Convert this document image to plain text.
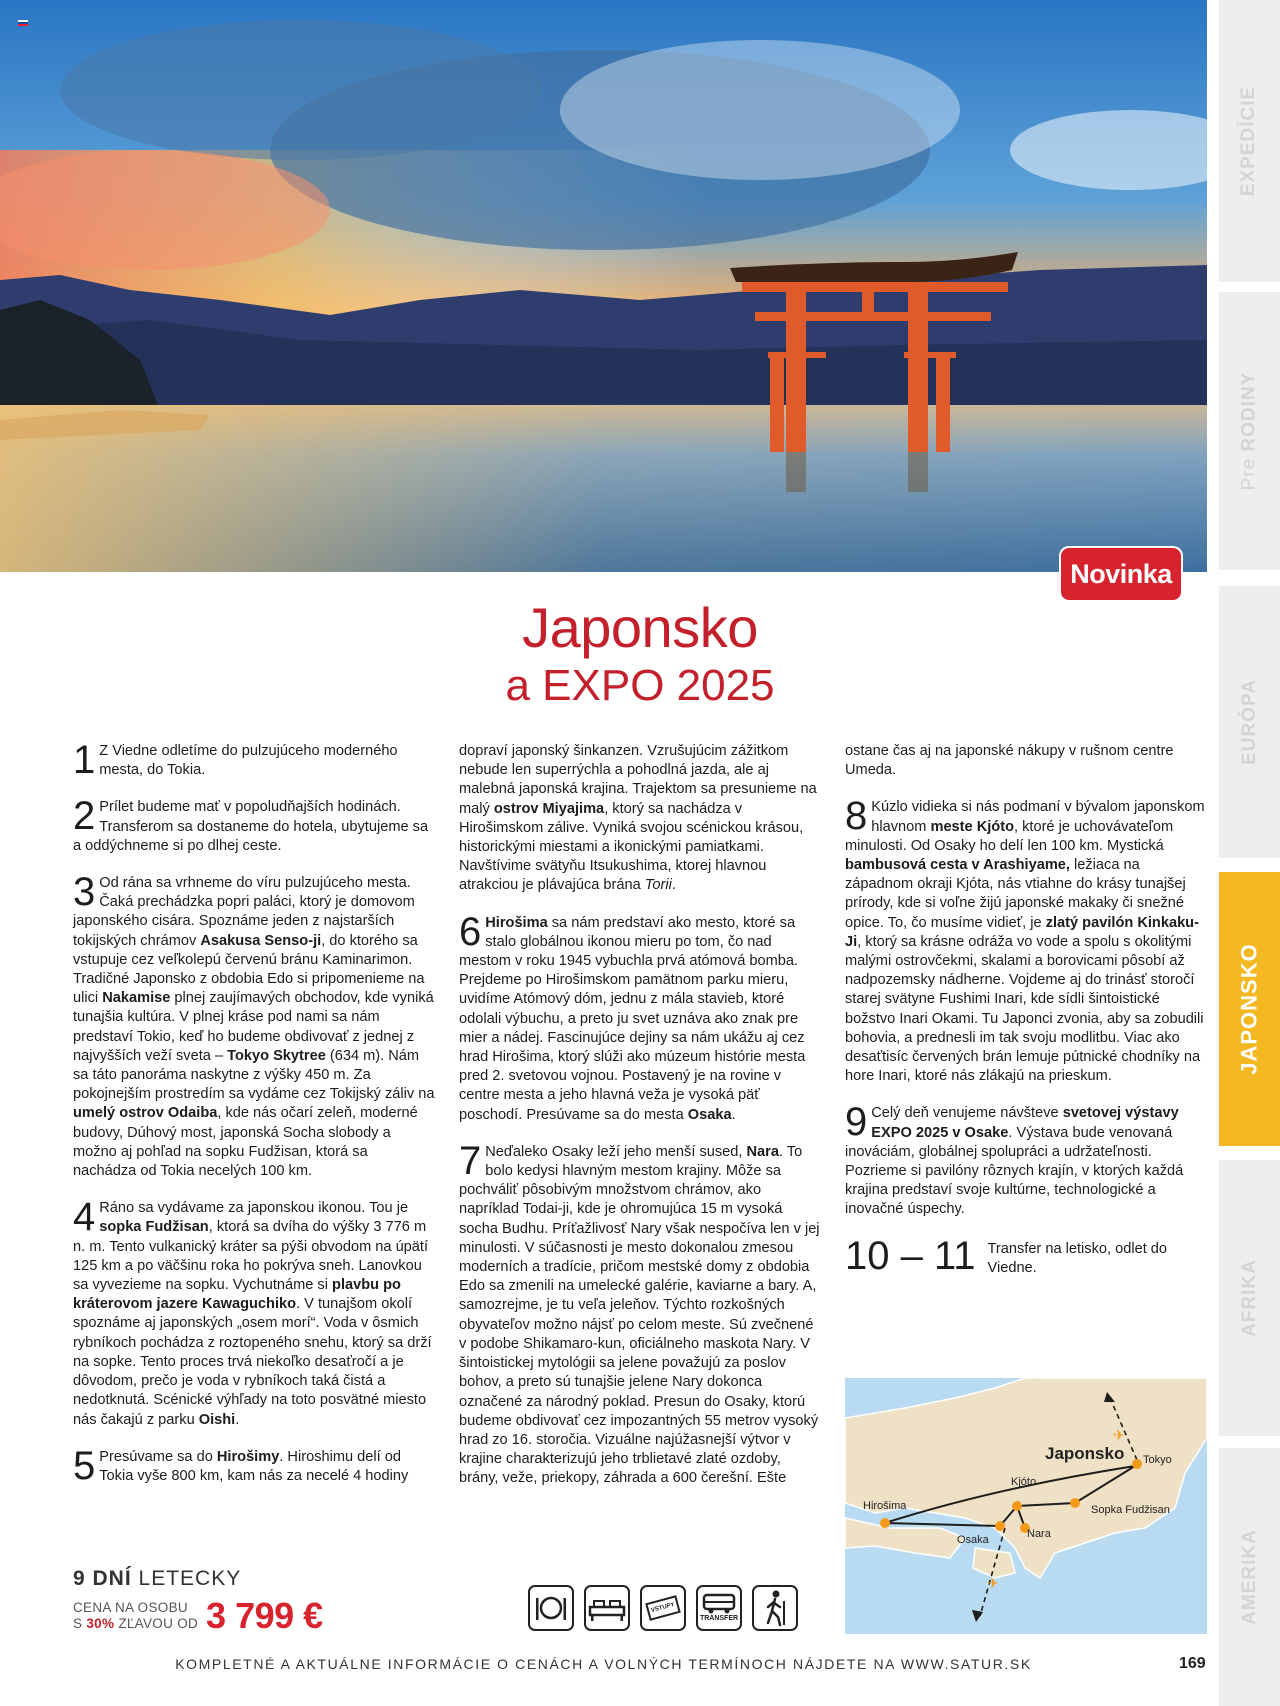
Novinka
EXPEDÍCIE
Pre RODINY
EURÓPA
JAPONSKO
AFRIKA
AMERIKA
Japonsko
a EXPO 2025
1 Z Viedne odletíme do pulzujúceho moderného mesta, do Tokia.
2 Prílet budeme mať v popoludňajších hodinách. Transferom sa dostaneme do hotela, ubytujeme sa a oddýchneme si po dlhej ceste.
3 Od rána sa vrhneme do víru pulzujúceho mesta. Čaká prechádzka popri paláci, ktorý je domovom japonského cisára. Spoznáme jeden z najstarších tokijských chrámov Asakusa Senso-ji, do ktorého sa vstupuje cez veľkolepú červenú bránu Kaminarimon. Tradičné Japonsko z obdobia Edo si pripomenieme na ulici Nakamise plnej zaujímavých obchodov, kde vyniká tunajšia kultúra. V plnej kráse pod nami sa nám predstaví Tokio, keď ho budeme obdivovať z jednej z najvyšších veží sveta – Tokyo Skytree (634 m). Nám sa táto panoráma naskytne z výšky 450 m. Za pokojnejším prostredím sa vydáme cez Tokijský záliv na umelý ostrov Odaiba, kde nás očarí zeleň, moderné budovy, Dúhový most, japonská Socha slobody a možno aj pohľad na sopku Fudžisan, ktorá sa nachádza od Tokia necelých 100 km.
4 Ráno sa vydávame za japonskou ikonou. Tou je sopka Fudžisan, ktorá sa dvíha do výšky 3 776 m n. m. Tento vulkanický kráter sa pýši obvodom na úpätí 125 km a po väčšinu roka ho pokrýva sneh. Lanovkou sa vyvezieme na sopku. Vychutnáme si plavbu po kráterovom jazere Kawaguchiko. V tunajšom okolí spoznáme aj japonských „osem morí“. Voda v ôsmich rybníkoch pochádza z roztopeného snehu, ktorý sa drží na sopke. Tento proces trvá niekoľko desaťročí a je dôvodom, prečo je voda v rybníkoch taká čistá a nedotknutá. Scénické výhľady na toto posvätné miesto nás čakajú z parku Oishi.
5 Presúvame sa do Hirošimy. Hiroshimu delí od Tokia vyše 800 km, kam nás za necelé 4 hodiny
dopraví japonský šinkanzen. Vzrušujúcim zážitkom nebude len superrýchla a pohodlná jazda, ale aj malebná japonská krajina. Trajektom sa presunieme na malý ostrov Miyajima, ktorý sa nachádza v Hirošimskom zálive. Vyniká svojou scénickou krásou, historickými miestami a ikonickými pamiatkami. Navštívime svätyňu Itsukushima, ktorej hlavnou atrakciou je plávajúca brána Torii.
6 Hirošima sa nám predstaví ako mesto, ktoré sa stalo globálnou ikonou mieru po tom, čo nad mestom v roku 1945 vybuchla prvá atómová bomba. Prejdeme po Hirošimskom pamätnom parku mieru, uvidíme Atómový dóm, jednu z mála stavieb, ktoré odolali výbuchu, a preto ju svet uznáva ako znak pre mier a nádej. Fascinujúce dejiny sa nám ukážu aj cez hrad Hirošima, ktorý slúži ako múzeum histórie mesta pred 2. svetovou vojnou. Postavený je na rovine v centre mesta a jeho hlavná veža je vysoká päť poschodí. Presúvame sa do mesta Osaka.
7 Neďaleko Osaky leží jeho menší sused, Nara. To bolo kedysi hlavným mestom krajiny. Môže sa pochváliť pôsobivým množstvom chrámov, ako napríklad Todai-ji, kde je ohromujúca 15 m vysoká socha Budhu. Príťažlivosť Nary však nespočíva len v jej minulosti. V súčasnosti je mesto dokonalou zmesou moderních a tradície, pričom mestské domy z obdobia Edo sa zmenili na umelecké galérie, kaviarne a bary. A, samozrejme, je tu veľa jeleňov. Týchto rozkošných obyvateľov možno nájsť po celom meste. Sú zvečnené v podobe Shikamaro-kun, oficiálneho maskota Nary. V šintoistickej mytológii sa jelene považujú za poslov bohov, a preto sú tunajšie jelene Nary dokonca označené za národný poklad. Presun do Osaky, ktorú budeme obdivovať cez impozantných 55 metrov vysoký hrad zo 16. storočia. Vizuálne najúžasnejší výtvor v krajine charakterizujú jeho trblietavé zlaté ozdoby, brány, veže, priekopy, záhrada a 600 čerešní. Ešte
ostane čas aj na japonské nákupy v rušnom centre Umeda.
8 Kúzlo vidieka si nás podmaní v bývalom japonskom hlavnom meste Kjóto, ktoré je uchovávateľom minulosti. Od Osaky ho delí len 100 km. Mystická bambusová cesta v Arashiyame, ležiaca na západnom okraji Kjóta, nás vtiahne do krásy tunajšej prírody, kde si voľne žijú japonské makaky či snežné opice. To, čo musíme vidieť, je zlatý pavilón Kinkaku-Ji, ktorý sa krásne odráža vo vode a spolu s okolitými malými ostrovčekmi, skalami a borovicami pôsobí až nadpozemsky nádherne. Vojdeme aj do trinásť storočí starej svätyne Fushimi Inari, kde sídli šintoistické božstvo Inari Okami. Tu Japonci zvonia, aby sa zobudili bohovia, a prednesli im tak svoju modlitbu. Viac ako desaťtisíc červených brán lemuje pútnické chodníky na hore Inari, ktoré nás zlákajú na prieskum.
9 Celý deň venujeme návšteve svetovej výstavy EXPO 2025 v Osake. Výstava bude venovaná inováciám, globálnej spolupráci a udržateľnosti. Pozrieme si pavilóny rôznych krajín, v ktorých každá krajina predstaví svoje kultúrne, technologické a inovačné úspechy.
10 – 11 Transfer na letisko, odlet do Viedne.
✈
✈
Japonsko Tokyo
Kjóto
Hirošima
Osaka	Nara
Sopka Fudžisan
9 DNÍ LETECKY
CENA NA OSOBU
S 30% ZĽAVOU OD 3 799 €	VSTUPY
TRANSFER
KOMPLETNÉ A AKTUÁLNE INFORMÁCIE O CENÁCH A VOLNÝCH TERMÍNOCH NÁJDETE NA WWW.SATUR.SK	169
